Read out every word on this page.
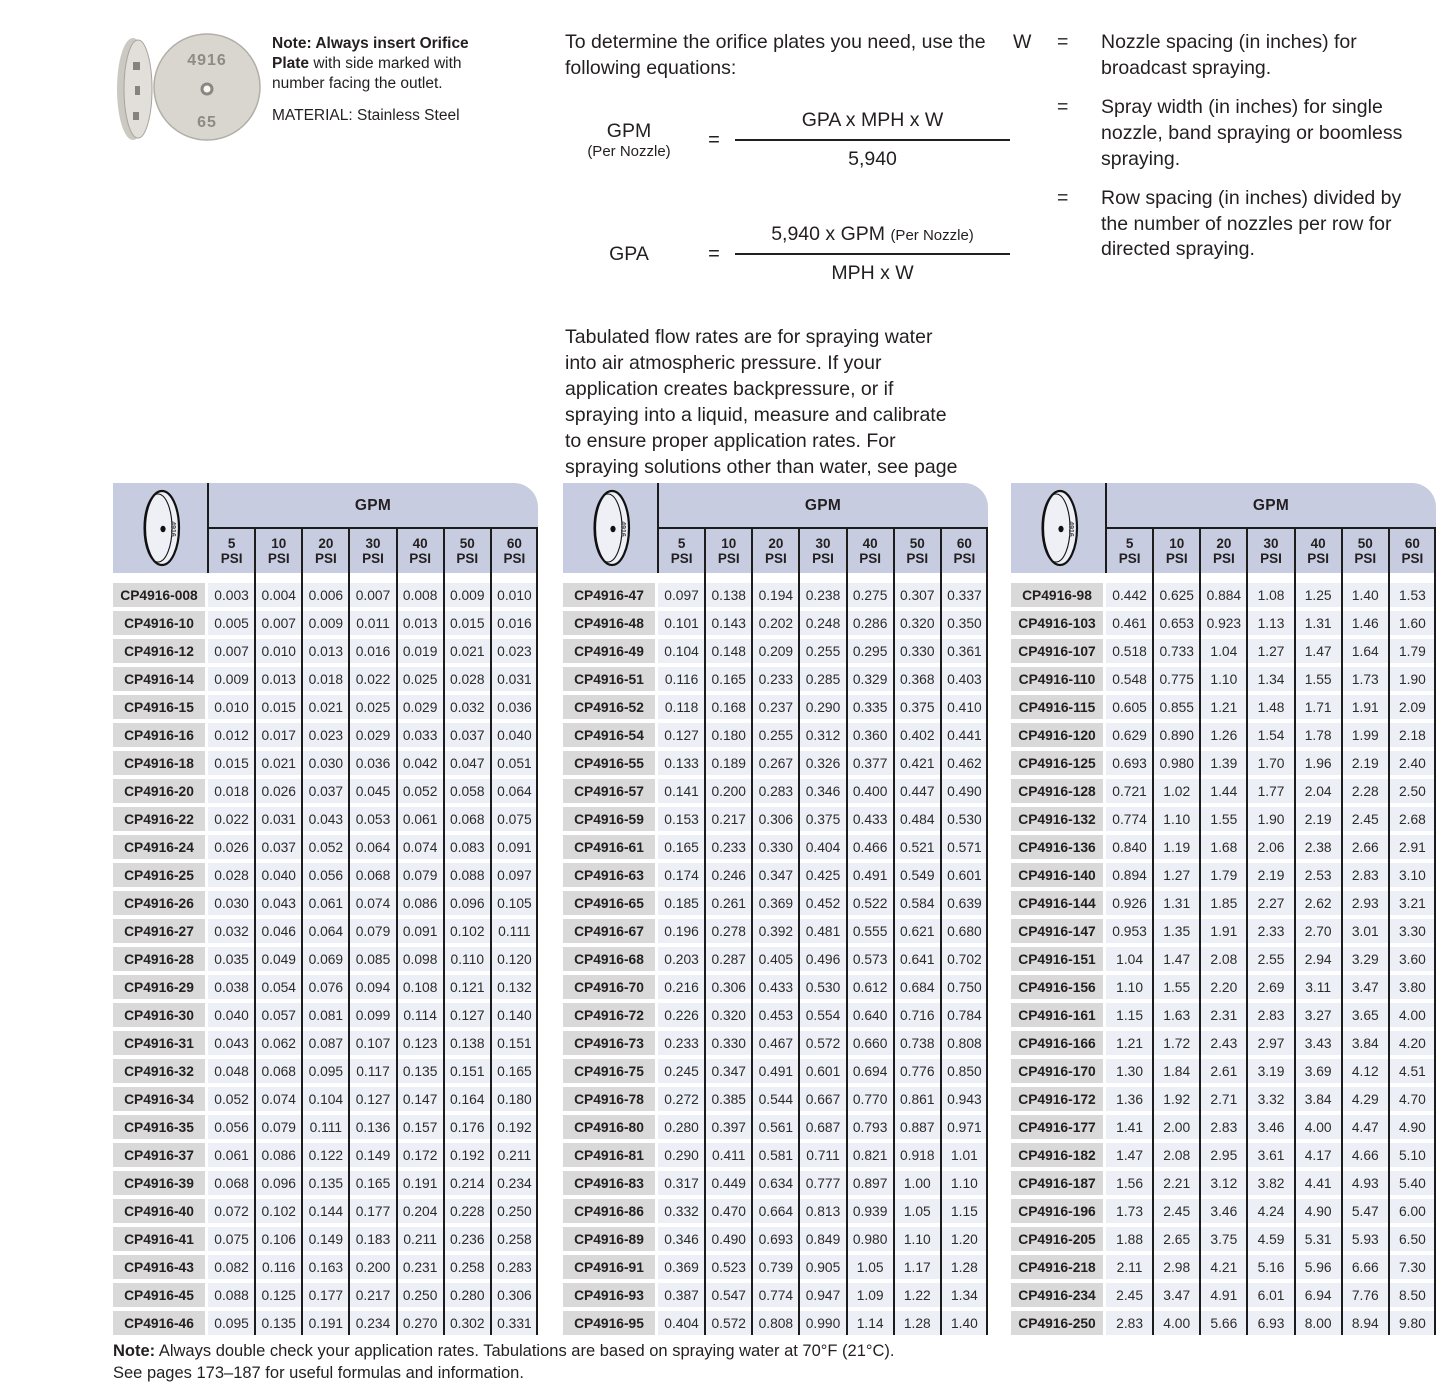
4916
65
Note: Always insert Orifice Plate with side marked with number facing the outlet.
MATERIAL: Stainless Steel
To determine the orifice plates you need, use the following equations:
GPM
(Per Nozzle)
= $\frac{\text{GPA x MPH x W}}{5,940}$
GPA	= $\frac{\text{5,940 x GPM (Per Nozzle)}}{\text{MPH x W}}$
Tabulated flow rates are for spraying water into air atmospheric pressure. If your application creates backpressure, or if spraying into a liquid, measure and calibrate to ensure proper application rates. For spraying solutions other than water, see page
W	=	Nozzle spacing (in inches) for broadcast spraying.
=	Spray width (in inches) for single nozzle, band spraying or boomless spraying.
=	Row spacing (in inches) divided by the number of nozzles per row for directed spraying.
4916
GPM
5
PSI
10
PSI
20
PSI
30
PSI
40
PSI
50
PSI
60
PSI
CP4916-008	0.003 0.004 0.006 0.007 0.008 0.009 0.010
CP4916-10	0.005 0.007 0.009 0.011 0.013 0.015 0.016
CP4916-12	0.007 0.010 0.013 0.016 0.019 0.021 0.023
CP4916-14	0.009 0.013 0.018 0.022 0.025 0.028 0.031
CP4916-15	0.010 0.015 0.021 0.025 0.029 0.032 0.036
CP4916-16	0.012 0.017 0.023 0.029 0.033 0.037 0.040
CP4916-18	0.015 0.021 0.030 0.036 0.042 0.047 0.051
CP4916-20	0.018 0.026 0.037 0.045 0.052 0.058 0.064
CP4916-22	0.022 0.031 0.043 0.053 0.061 0.068 0.075
CP4916-24	0.026 0.037 0.052 0.064 0.074 0.083 0.091
CP4916-25	0.028 0.040 0.056 0.068 0.079 0.088 0.097
CP4916-26	0.030 0.043 0.061 0.074 0.086 0.096 0.105
CP4916-27	0.032 0.046 0.064 0.079 0.091 0.102 0.111
CP4916-28	0.035 0.049 0.069 0.085 0.098 0.110 0.120
CP4916-29	0.038 0.054 0.076 0.094 0.108 0.121 0.132
CP4916-30	0.040 0.057 0.081 0.099 0.114 0.127 0.140
CP4916-31	0.043 0.062 0.087 0.107 0.123 0.138 0.151
CP4916-32	0.048 0.068 0.095 0.117 0.135 0.151 0.165
CP4916-34	0.052 0.074 0.104 0.127 0.147 0.164 0.180
CP4916-35	0.056 0.079 0.111 0.136 0.157 0.176 0.192
CP4916-37	0.061 0.086 0.122 0.149 0.172 0.192 0.211
CP4916-39	0.068 0.096 0.135 0.165 0.191 0.214 0.234
CP4916-40	0.072 0.102 0.144 0.177 0.204 0.228 0.250
CP4916-41	0.075 0.106 0.149 0.183 0.211 0.236 0.258
CP4916-43	0.082 0.116 0.163 0.200 0.231 0.258 0.283
CP4916-45	0.088 0.125 0.177 0.217 0.250 0.280 0.306
CP4916-46	0.095 0.135 0.191 0.234 0.270 0.302 0.331
4916
GPM
5
PSI
10
PSI
20
PSI
30
PSI
40
PSI
50
PSI
60
PSI
CP4916-47	0.097 0.138 0.194 0.238 0.275 0.307 0.337
CP4916-48	0.101 0.143 0.202 0.248 0.286 0.320 0.350
CP4916-49	0.104 0.148 0.209 0.255 0.295 0.330 0.361
CP4916-51	0.116 0.165 0.233 0.285 0.329 0.368 0.403
CP4916-52	0.118 0.168 0.237 0.290 0.335 0.375 0.410
CP4916-54	0.127 0.180 0.255 0.312 0.360 0.402 0.441
CP4916-55	0.133 0.189 0.267 0.326 0.377 0.421 0.462
CP4916-57	0.141 0.200 0.283 0.346 0.400 0.447 0.490
CP4916-59	0.153 0.217 0.306 0.375 0.433 0.484 0.530
CP4916-61	0.165 0.233 0.330 0.404 0.466 0.521 0.571
CP4916-63	0.174 0.246 0.347 0.425 0.491 0.549 0.601
CP4916-65	0.185 0.261 0.369 0.452 0.522 0.584 0.639
CP4916-67	0.196 0.278 0.392 0.481 0.555 0.621 0.680
CP4916-68	0.203 0.287 0.405 0.496 0.573 0.641 0.702
CP4916-70	0.216 0.306 0.433 0.530 0.612 0.684 0.750
CP4916-72	0.226 0.320 0.453 0.554 0.640 0.716 0.784
CP4916-73	0.233 0.330 0.467 0.572 0.660 0.738 0.808
CP4916-75	0.245 0.347 0.491 0.601 0.694 0.776 0.850
CP4916-78	0.272 0.385 0.544 0.667 0.770 0.861 0.943
CP4916-80	0.280 0.397 0.561 0.687 0.793 0.887 0.971
CP4916-81	0.290 0.411 0.581 0.711 0.821 0.918	1.01
CP4916-83	0.317 0.449 0.634 0.777 0.897	1.00	1.10
CP4916-86	0.332 0.470 0.664 0.813 0.939	1.05	1.15
CP4916-89	0.346 0.490 0.693 0.849 0.980	1.10	1.20
CP4916-91	0.369 0.523 0.739 0.905	1.05	1.17	1.28
CP4916-93	0.387 0.547 0.774 0.947	1.09	1.22	1.34
CP4916-95	0.404 0.572 0.808 0.990	1.14	1.28	1.40
4916
GPM
5
PSI
10
PSI
20
PSI
30
PSI
40
PSI
50
PSI
60
PSI
CP4916-98	0.442 0.625 0.884	1.08	1.25	1.40	1.53
CP4916-103	0.461 0.653 0.923	1.13	1.31	1.46	1.60
CP4916-107	0.518 0.733	1.04	1.27	1.47	1.64	1.79
CP4916-110	0.548 0.775	1.10	1.34	1.55	1.73	1.90
CP4916-115	0.605 0.855	1.21	1.48	1.71	1.91	2.09
CP4916-120	0.629 0.890	1.26	1.54	1.78	1.99	2.18
CP4916-125	0.693 0.980	1.39	1.70	1.96	2.19	2.40
CP4916-128	0.721	1.02	1.44	1.77	2.04	2.28	2.50
CP4916-132	0.774	1.10	1.55	1.90	2.19	2.45	2.68
CP4916-136	0.840	1.19	1.68	2.06	2.38	2.66	2.91
CP4916-140	0.894	1.27	1.79	2.19	2.53	2.83	3.10
CP4916-144	0.926	1.31	1.85	2.27	2.62	2.93	3.21
CP4916-147	0.953	1.35	1.91	2.33	2.70	3.01	3.30
CP4916-151	1.04	1.47	2.08	2.55	2.94	3.29	3.60
CP4916-156	1.10	1.55	2.20	2.69	3.11	3.47	3.80
CP4916-161	1.15	1.63	2.31	2.83	3.27	3.65	4.00
CP4916-166	1.21	1.72	2.43	2.97	3.43	3.84	4.20
CP4916-170	1.30	1.84	2.61	3.19	3.69	4.12	4.51
CP4916-172	1.36	1.92	2.71	3.32	3.84	4.29	4.70
CP4916-177	1.41	2.00	2.83	3.46	4.00	4.47	4.90
CP4916-182	1.47	2.08	2.95	3.61	4.17	4.66	5.10
CP4916-187	1.56	2.21	3.12	3.82	4.41	4.93	5.40
CP4916-196	1.73	2.45	3.46	4.24	4.90	5.47	6.00
CP4916-205	1.88	2.65	3.75	4.59	5.31	5.93	6.50
CP4916-218	2.11	2.98	4.21	5.16	5.96	6.66	7.30
CP4916-234	2.45	3.47	4.91	6.01	6.94	7.76	8.50
CP4916-250	2.83	4.00	5.66	6.93	8.00	8.94	9.80
Note: Always double check your application rates. Tabulations are based on spraying water at 70°F (21°C).
See pages 173–187 for useful formulas and information.
